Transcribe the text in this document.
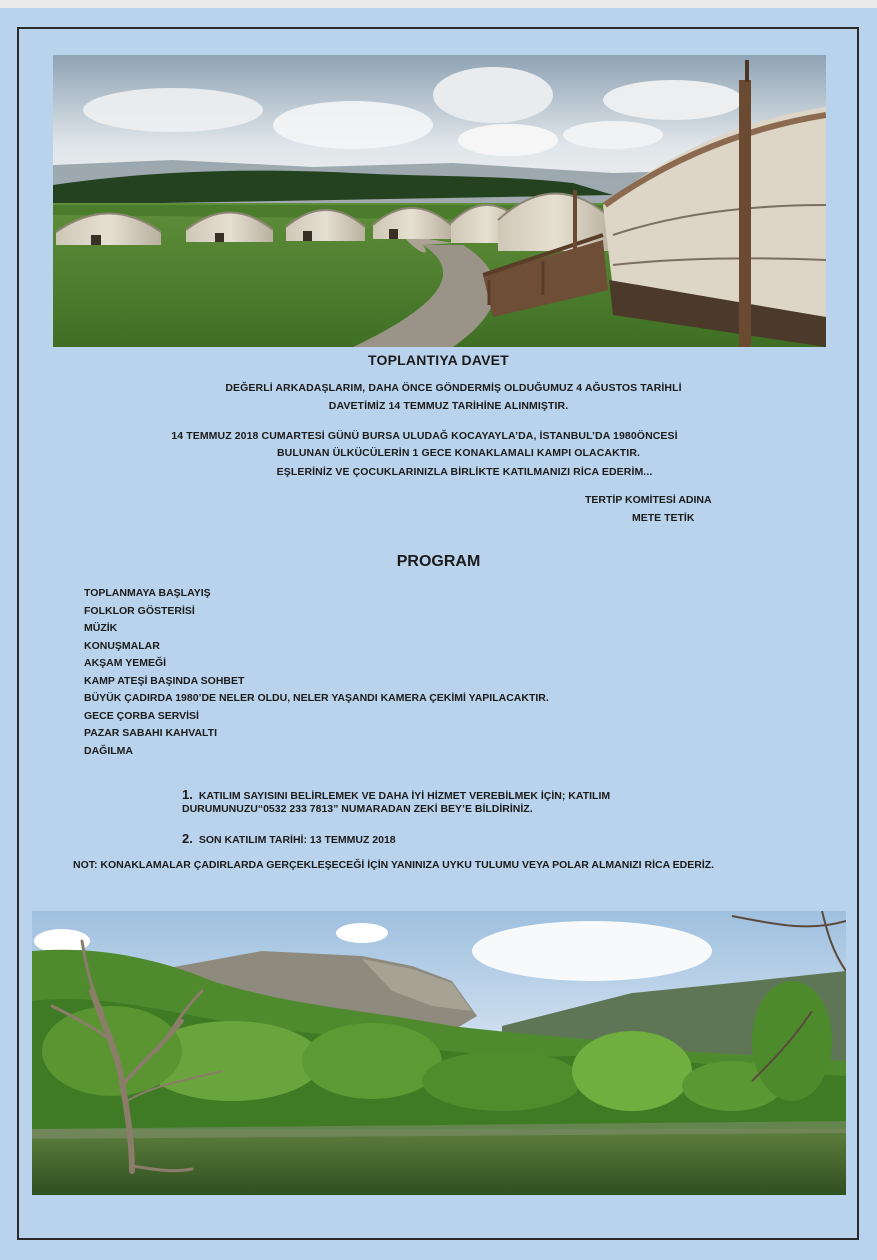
TOPLANTIYA DAVET
DEĞERLİ ARKADAŞLARIM, DAHA ÖNCE GÖNDERMİŞ OLDUĞUMUZ 4 AĞUSTOS TARİHLİ
DAVETİMİZ 14 TEMMUZ TARİHİNE ALINMIŞTIR.
14 TEMMUZ 2018 CUMARTESİ GÜNÜ BURSA ULUDAĞ KOCAYAYLA’DA, İSTANBUL’DA 1980ÖNCESİ
BULUNAN ÜLKÜCÜLERİN 1 GECE KONAKLAMALI KAMPI OLACAKTIR.
EŞLERİNİZ VE ÇOCUKLARINIZLA BİRLİKTE KATILMANIZI RİCA EDERİM...
TERTİP KOMİTESİ ADINA
METE TETİK
PROGRAM
TOPLANMAYA BAŞLAYIŞ
FOLKLOR GÖSTERİSİ
MÜZİK
KONUŞMALAR
AKŞAM YEMEĞİ
KAMP ATEŞİ BAŞINDA SOHBET
BÜYÜK ÇADIRDA 1980’DE NELER OLDU, NELER YAŞANDI KAMERA ÇEKİMİ YAPILACAKTIR.
GECE ÇORBA SERVİSİ
PAZAR SABAHI KAHVALTI
DAĞILMA
1. KATILIM SAYISINI BELİRLEMEK VE DAHA İYİ HİZMET VEREBİLMEK İÇİN; KATILIM DURUMUNUZU“0532 233 7813” NUMARADAN ZEKİ BEY’E BİLDİRİNİZ.
2. SON KATILIM TARİHİ: 13 TEMMUZ 2018
NOT: KONAKLAMALAR ÇADIRLARDA GERÇEKLEŞECEĞİ İÇİN YANINIZA UYKU TULUMU VEYA POLAR ALMANIZI RİCA EDERİZ.
